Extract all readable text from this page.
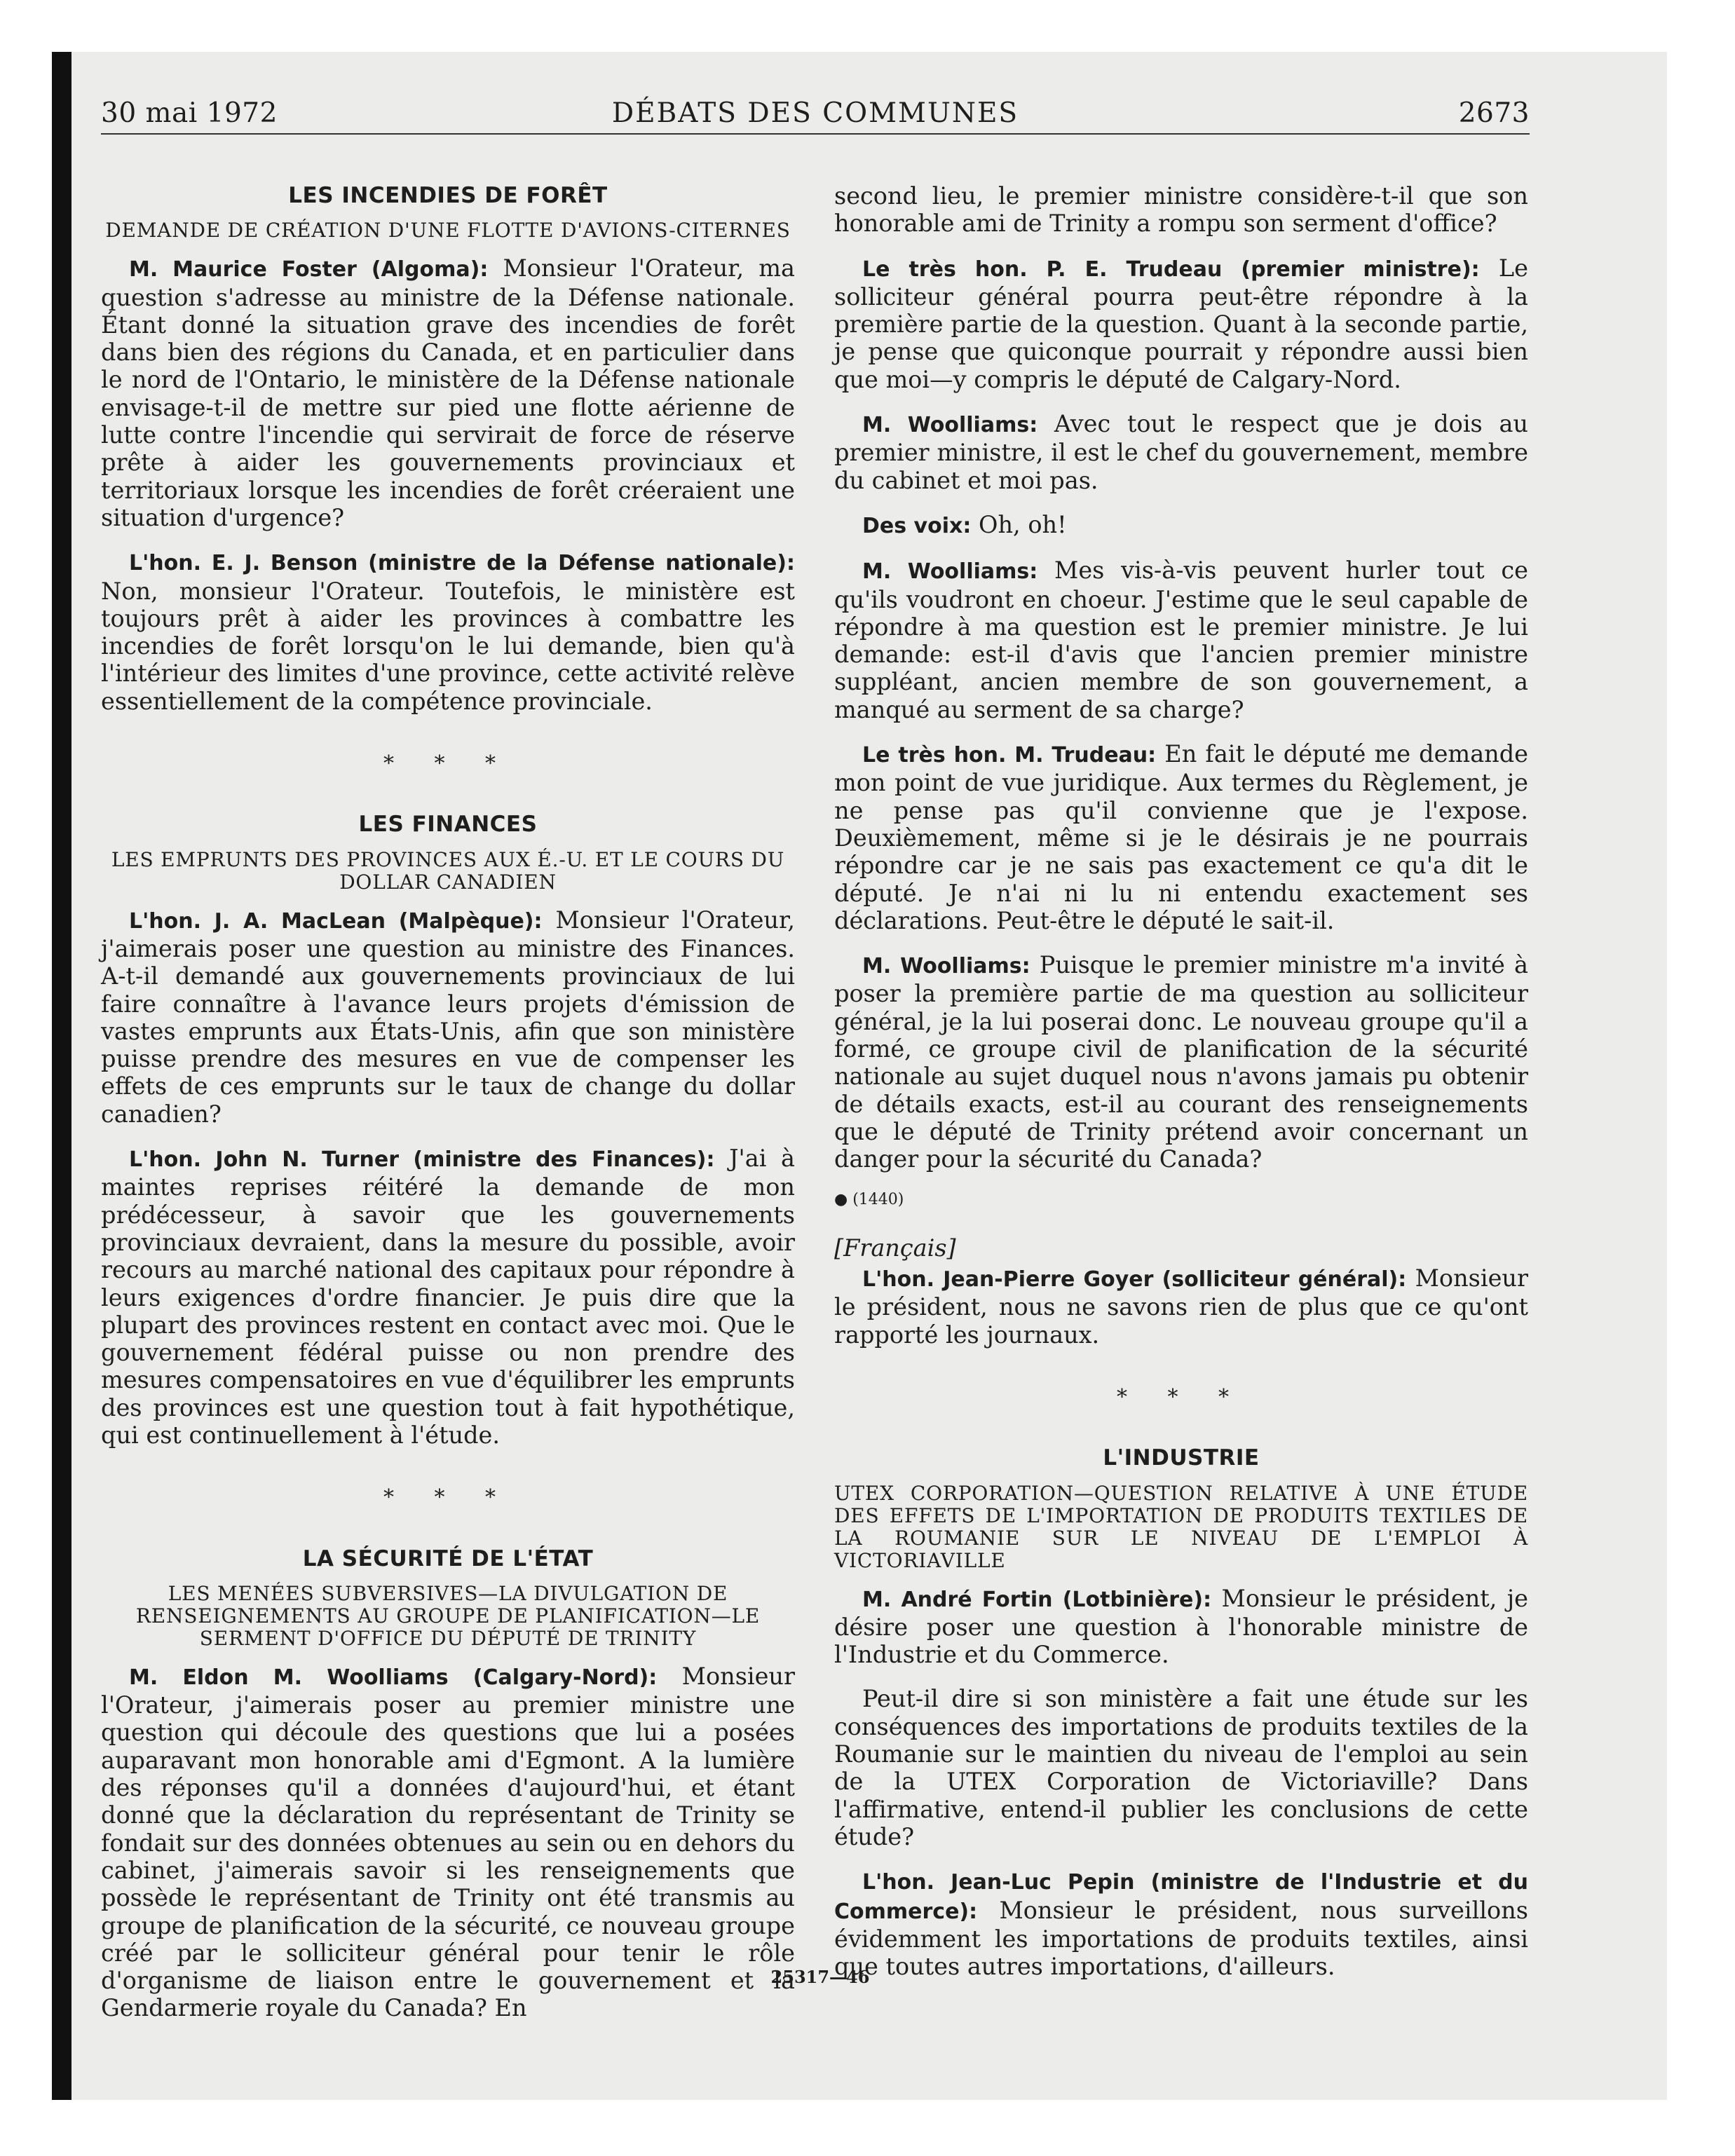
30 mai 1972	DÉBATS DES COMMUNES	2673
LES INCENDIES DE FORÊT
DEMANDE DE CRÉATION D'UNE FLOTTE D'AVIONS-CITERNES

M. Maurice Foster (Algoma): Monsieur l'Orateur, ma question s'adresse au ministre de la Défense nationale. Étant donné la situation grave des incendies de forêt dans bien des régions du Canada, et en particulier dans le nord de l'Ontario, le ministère de la Défense nationale envisage-t-il de mettre sur pied une flotte aérienne de lutte contre l'incendie qui servirait de force de réserve prête à aider les gouvernements provinciaux et territoriaux lorsque les incendies de forêt créeraient une situation d'urgence?

L'hon. E. J. Benson (ministre de la Défense nationale): Non, monsieur l'Orateur. Toutefois, le ministère est toujours prêt à aider les provinces à combattre les incendies de forêt lorsqu'on le lui demande, bien qu'à l'intérieur des limites d'une province, cette activité relève essentiellement de la compétence provinciale.

* * *
LES FINANCES
LES EMPRUNTS DES PROVINCES AUX É.-U. ET LE COURS DU DOLLAR CANADIEN

L'hon. J. A. MacLean (Malpèque): Monsieur l'Orateur, j'aimerais poser une question au ministre des Finances. A-t-il demandé aux gouvernements provinciaux de lui faire connaître à l'avance leurs projets d'émission de vastes emprunts aux États-Unis, afin que son ministère puisse prendre des mesures en vue de compenser les effets de ces emprunts sur le taux de change du dollar canadien?

L'hon. John N. Turner (ministre des Finances): J'ai à maintes reprises réitéré la demande de mon prédécesseur, à savoir que les gouvernements provinciaux devraient, dans la mesure du possible, avoir recours au marché national des capitaux pour répondre à leurs exigences d'ordre financier. Je puis dire que la plupart des provinces restent en contact avec moi. Que le gouvernement fédéral puisse ou non prendre des mesures compensatoires en vue d'équilibrer les emprunts des provinces est une question tout à fait hypothétique, qui est continuellement à l'étude.

* * *
LA SÉCURITÉ DE L'ÉTAT
LES MENÉES SUBVERSIVES—LA DIVULGATION DE RENSEIGNEMENTS AU GROUPE DE PLANIFICATION—LE SERMENT D'OFFICE DU DÉPUTÉ DE TRINITY

M. Eldon M. Woolliams (Calgary-Nord): Monsieur l'Orateur, j'aimerais poser au premier ministre une question qui découle des questions que lui a posées auparavant mon honorable ami d'Egmont. A la lumière des réponses qu'il a données d'aujourd'hui, et étant donné que la déclaration du représentant de Trinity se fondait sur des données obtenues au sein ou en dehors du cabinet, j'aimerais savoir si les renseignements que possède le représentant de Trinity ont été transmis au groupe de planification de la sécurité, ce nouveau groupe créé par le solliciteur général pour tenir le rôle d'organisme de liaison entre le gouvernement et la Gendarmerie royale du Canada? En

second lieu, le premier ministre considère-t-il que son honorable ami de Trinity a rompu son serment d'office?

Le très hon. P. E. Trudeau (premier ministre): Le solliciteur général pourra peut-être répondre à la première partie de la question. Quant à la seconde partie, je pense que quiconque pourrait y répondre aussi bien que moi—y compris le député de Calgary-Nord.

M. Woolliams: Avec tout le respect que je dois au premier ministre, il est le chef du gouvernement, membre du cabinet et moi pas.

Des voix: Oh, oh!

M. Woolliams: Mes vis-à-vis peuvent hurler tout ce qu'ils voudront en choeur. J'estime que le seul capable de répondre à ma question est le premier ministre. Je lui demande: est-il d'avis que l'ancien premier ministre suppléant, ancien membre de son gouvernement, a manqué au serment de sa charge?

Le très hon. M. Trudeau: En fait le député me demande mon point de vue juridique. Aux termes du Règlement, je ne pense pas qu'il convienne que je l'expose. Deuxièmement, même si je le désirais je ne pourrais répondre car je ne sais pas exactement ce qu'a dit le député. Je n'ai ni lu ni entendu exactement ses déclarations. Peut-être le député le sait-il.

M. Woolliams: Puisque le premier ministre m'a invité à poser la première partie de ma question au solliciteur général, je la lui poserai donc. Le nouveau groupe qu'il a formé, ce groupe civil de planification de la sécurité nationale au sujet duquel nous n'avons jamais pu obtenir de détails exacts, est-il au courant des renseignements que le député de Trinity prétend avoir concernant un danger pour la sécurité du Canada?

● (1440)
[Français]

L'hon. Jean-Pierre Goyer (solliciteur général): Monsieur le président, nous ne savons rien de plus que ce qu'ont rapporté les journaux.

* * *
L'INDUSTRIE
UTEX CORPORATION—QUESTION RELATIVE À UNE ÉTUDE DES EFFETS DE L'IMPORTATION DE PRODUITS TEXTILES DE LA ROUMANIE SUR LE NIVEAU DE L'EMPLOI À VICTORIAVILLE

M. André Fortin (Lotbinière): Monsieur le président, je désire poser une question à l'honorable ministre de l'Industrie et du Commerce.

Peut-il dire si son ministère a fait une étude sur les conséquences des importations de produits textiles de la Roumanie sur le maintien du niveau de l'emploi au sein de la UTEX Corporation de Victoriaville? Dans l'affirmative, entend-il publier les conclusions de cette étude?

L'hon. Jean-Luc Pepin (ministre de l'Industrie et du Commerce): Monsieur le président, nous surveillons évidemment les importations de produits textiles, ainsi que toutes autres importations, d'ailleurs.

25317—46
